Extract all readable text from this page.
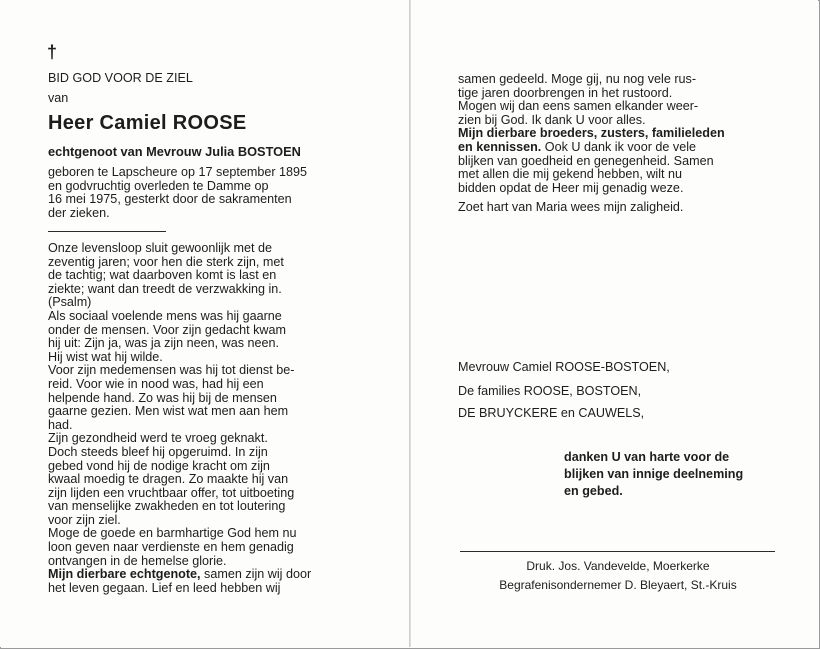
†
BID GOD VOOR DE ZIEL
van
Heer Camiel ROOSE
echtgenoot van Mevrouw Julia BOSTOEN
geboren te Lapscheure op 17 september 1895
en godvruchtig overleden te Damme op
16 mei 1975, gesterkt door de sakramenten
der zieken.
Onze levensloop sluit gewoonlijk met de
zeventig jaren; voor hen die sterk zijn, met
de tachtig; wat daarboven komt is last en
ziekte; want dan treedt de verzwakking in.
(Psalm)
Als sociaal voelende mens was hij gaarne
onder de mensen. Voor zijn gedacht kwam
hij uit: Zijn ja, was ja zijn neen, was neen.
Hij wist wat hij wilde.
Voor zijn medemensen was hij tot dienst be-
reid. Voor wie in nood was, had hij een
helpende hand. Zo was hij bij de mensen
gaarne gezien. Men wist wat men aan hem
had.
Zijn gezondheid werd te vroeg geknakt.
Doch steeds bleef hij opgeruimd. In zijn
gebed vond hij de nodige kracht om zijn
kwaal moedig te dragen. Zo maakte hij van
zijn lijden een vruchtbaar offer, tot uitboeting
van menselijke zwakheden en tot loutering
voor zijn ziel.
Moge de goede en barmhartige God hem nu
loon geven naar verdienste en hem genadig
ontvangen in de hemelse glorie.
Mijn dierbare echtgenote, samen zijn wij door
het leven gegaan. Lief en leed hebben wij
samen gedeeld. Moge gij, nu nog vele rus-
tige jaren doorbrengen in het rustoord.
Mogen wij dan eens samen elkander weer-
zien bij God. Ik dank U voor alles.
Mijn dierbare broeders, zusters, familieleden
en kennissen. Ook U dank ik voor de vele
blijken van goedheid en genegenheid. Samen
met allen die mij gekend hebben, wilt nu
bidden opdat de Heer mij genadig weze.
Zoet hart van Maria wees mijn zaligheid.
Mevrouw Camiel ROOSE-BOSTOEN,
De families ROOSE, BOSTOEN,
DE BRUYCKERE en CAUWELS,
danken U van harte voor de
blijken van innige deelneming
en gebed.
Druk. Jos. Vandevelde, Moerkerke
Begrafenisondernemer D. Bleyaert, St.-Kruis
